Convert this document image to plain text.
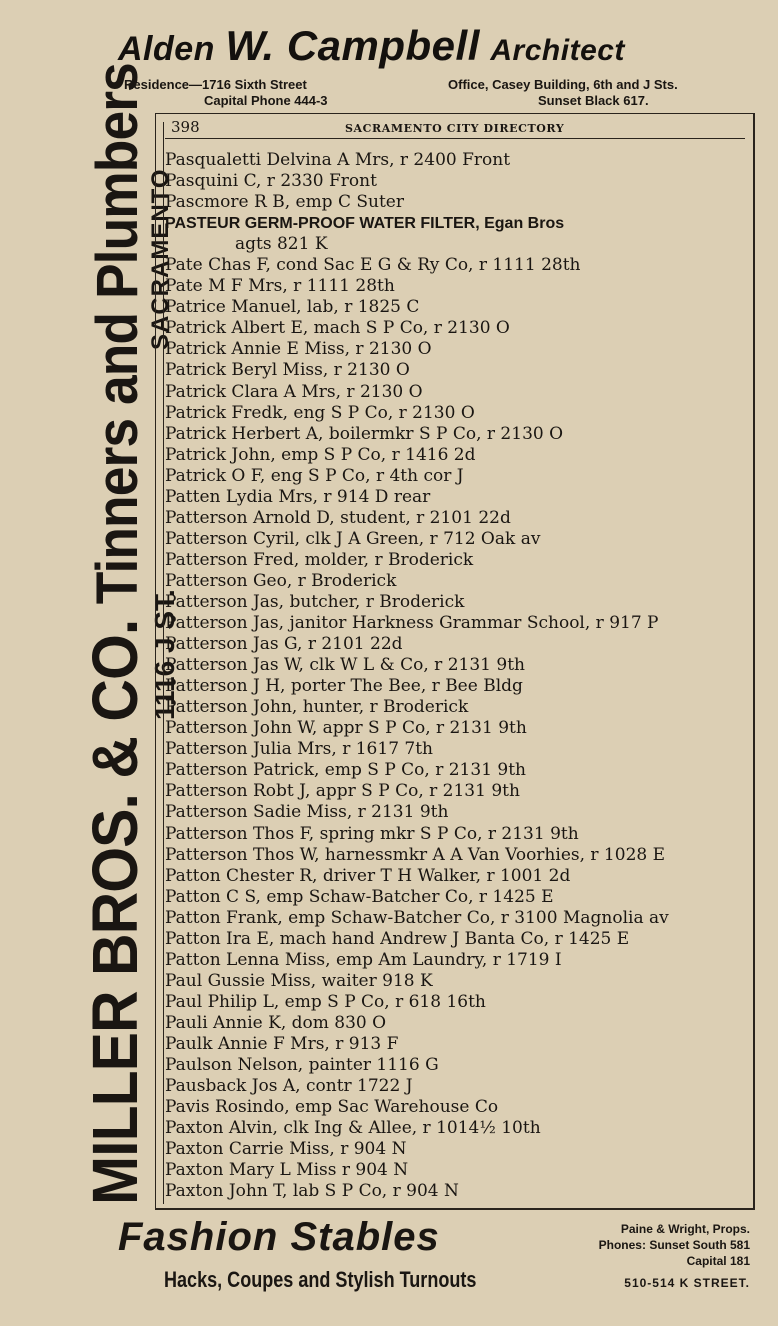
Alden W. Campbell Architect
Residence—1716 Sixth Street
Capital Phone 444-3
Office, Casey Building, 6th and J Sts.
Sunset Black 617.
MILLER BROS. & CO. Tinners and Plumbers
1116 J ST.
SACRAMENTO
398	SACRAMENTO CITY DIRECTORY
Pasqualetti Delvina A Mrs, r 2400 Front
Pasquini C, r 2330 Front
Pascmore R B, emp C Suter
PASTEUR GERM-PROOF WATER FILTER, Egan Bros
agts 821 K
Pate Chas F, cond Sac E G & Ry Co, r 1111 28th
Pate M F Mrs, r 1111 28th
Patrice Manuel, lab, r 1825 C
Patrick Albert E, mach S P Co, r 2130 O
Patrick Annie E Miss, r 2130 O
Patrick Beryl Miss, r 2130 O
Patrick Clara A Mrs, r 2130 O
Patrick Fredk, eng S P Co, r 2130 O
Patrick Herbert A, boilermkr S P Co, r 2130 O
Patrick John, emp S P Co, r 1416 2d
Patrick O F, eng S P Co, r 4th cor J
Patten Lydia Mrs, r 914 D rear
Patterson Arnold D, student, r 2101 22d
Patterson Cyril, clk J A Green, r 712 Oak av
Patterson Fred, molder, r Broderick
Patterson Geo, r Broderick
Patterson Jas, butcher, r Broderick
Patterson Jas, janitor Harkness Grammar School, r 917 P
Patterson Jas G, r 2101 22d
Patterson Jas W, clk W L & Co, r 2131 9th
Patterson J H, porter The Bee, r Bee Bldg
Patterson John, hunter, r Broderick
Patterson John W, appr S P Co, r 2131 9th
Patterson Julia Mrs, r 1617 7th
Patterson Patrick, emp S P Co, r 2131 9th
Patterson Robt J, appr S P Co, r 2131 9th
Patterson Sadie Miss, r 2131 9th
Patterson Thos F, spring mkr S P Co, r 2131 9th
Patterson Thos W, harnessmkr A A Van Voorhies, r 1028 E
Patton Chester R, driver T H Walker, r 1001 2d
Patton C S, emp Schaw-Batcher Co, r 1425 E
Patton Frank, emp Schaw-Batcher Co, r 3100 Magnolia av
Patton Ira E, mach hand Andrew J Banta Co, r 1425 E
Patton Lenna Miss, emp Am Laundry, r 1719 I
Paul Gussie Miss, waiter 918 K
Paul Philip L, emp S P Co, r 618 16th
Pauli Annie K, dom 830 O
Paulk Annie F Mrs, r 913 F
Paulson Nelson, painter 1116 G
Pausback Jos A, contr 1722 J
Pavis Rosindo, emp Sac Warehouse Co
Paxton Alvin, clk Ing & Allee, r 1014½ 10th
Paxton Carrie Miss, r 904 N
Paxton Mary L Miss r 904 N
Paxton John T, lab S P Co, r 904 N
Fashion Stables
Hacks, Coupes and Stylish Turnouts
Paine & Wright, Props.
Phones: Sunset South 581
Capital 181
510-514 K STREET.
